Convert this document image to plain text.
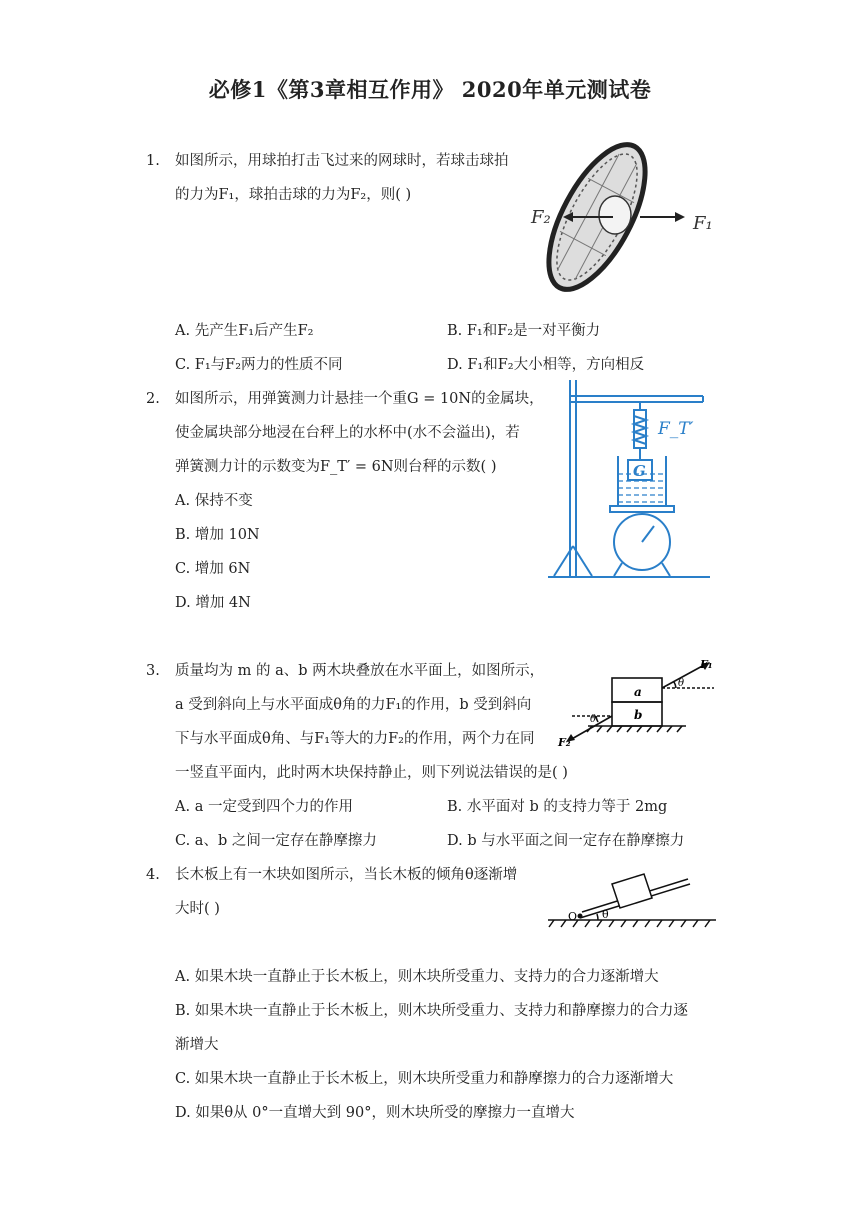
必修1《第3章相互作用》 2020年单元测试卷
1. 如图所示，用球拍打击飞过来的网球时，若球击球拍
的力为F₁，球拍击球的力为F₂，则( )
F₂	F₁
A. 先产生F₁后产生F₂	B. F₁和F₂是一对平衡力
C. F₁与F₂两力的性质不同	D. F₁和F₂大小相等，方向相反
2. 如图所示，用弹簧测力计悬挂一个重G = 10N的金属块，
使金属块部分地浸在台秤上的水杯中(水不会溢出)，若
弹簧测力计的示数变为F_T′ = 6N则台秤的示数( )
F_T′
G
A. 保持不变
B. 增加 10N
C. 增加 6N
D. 增加 4N
3. 质量均为 m 的 a、b 两木块叠放在水平面上，如图所示，
a 受到斜向上与水平面成θ角的力F₁的作用，b 受到斜向
下与水平面成θ角、与F₁等大的力F₂的作用，两个力在同
一竖直平面内，此时两木块保持静止，则下列说法错误的是( )
F₁
F₂
a
b
θ
θ
A. a 一定受到四个力的作用	B. 水平面对 b 的支持力等于 2mg
C. a、b 之间一定存在静摩擦力	D. b 与水平面之间一定存在静摩擦力
4. 长木板上有一木块如图所示，当长木板的倾角θ逐渐增
大时( )	O θ
A. 如果木块一直静止于长木板上，则木块所受重力、支持力的合力逐渐增大
B. 如果木块一直静止于长木板上，则木块所受重力、支持力和静摩擦力的合力逐
渐增大
C. 如果木块一直静止于长木板上，则木块所受重力和静摩擦力的合力逐渐增大
D. 如果θ从 0°一直增大到 90°，则木块所受的摩擦力一直增大
